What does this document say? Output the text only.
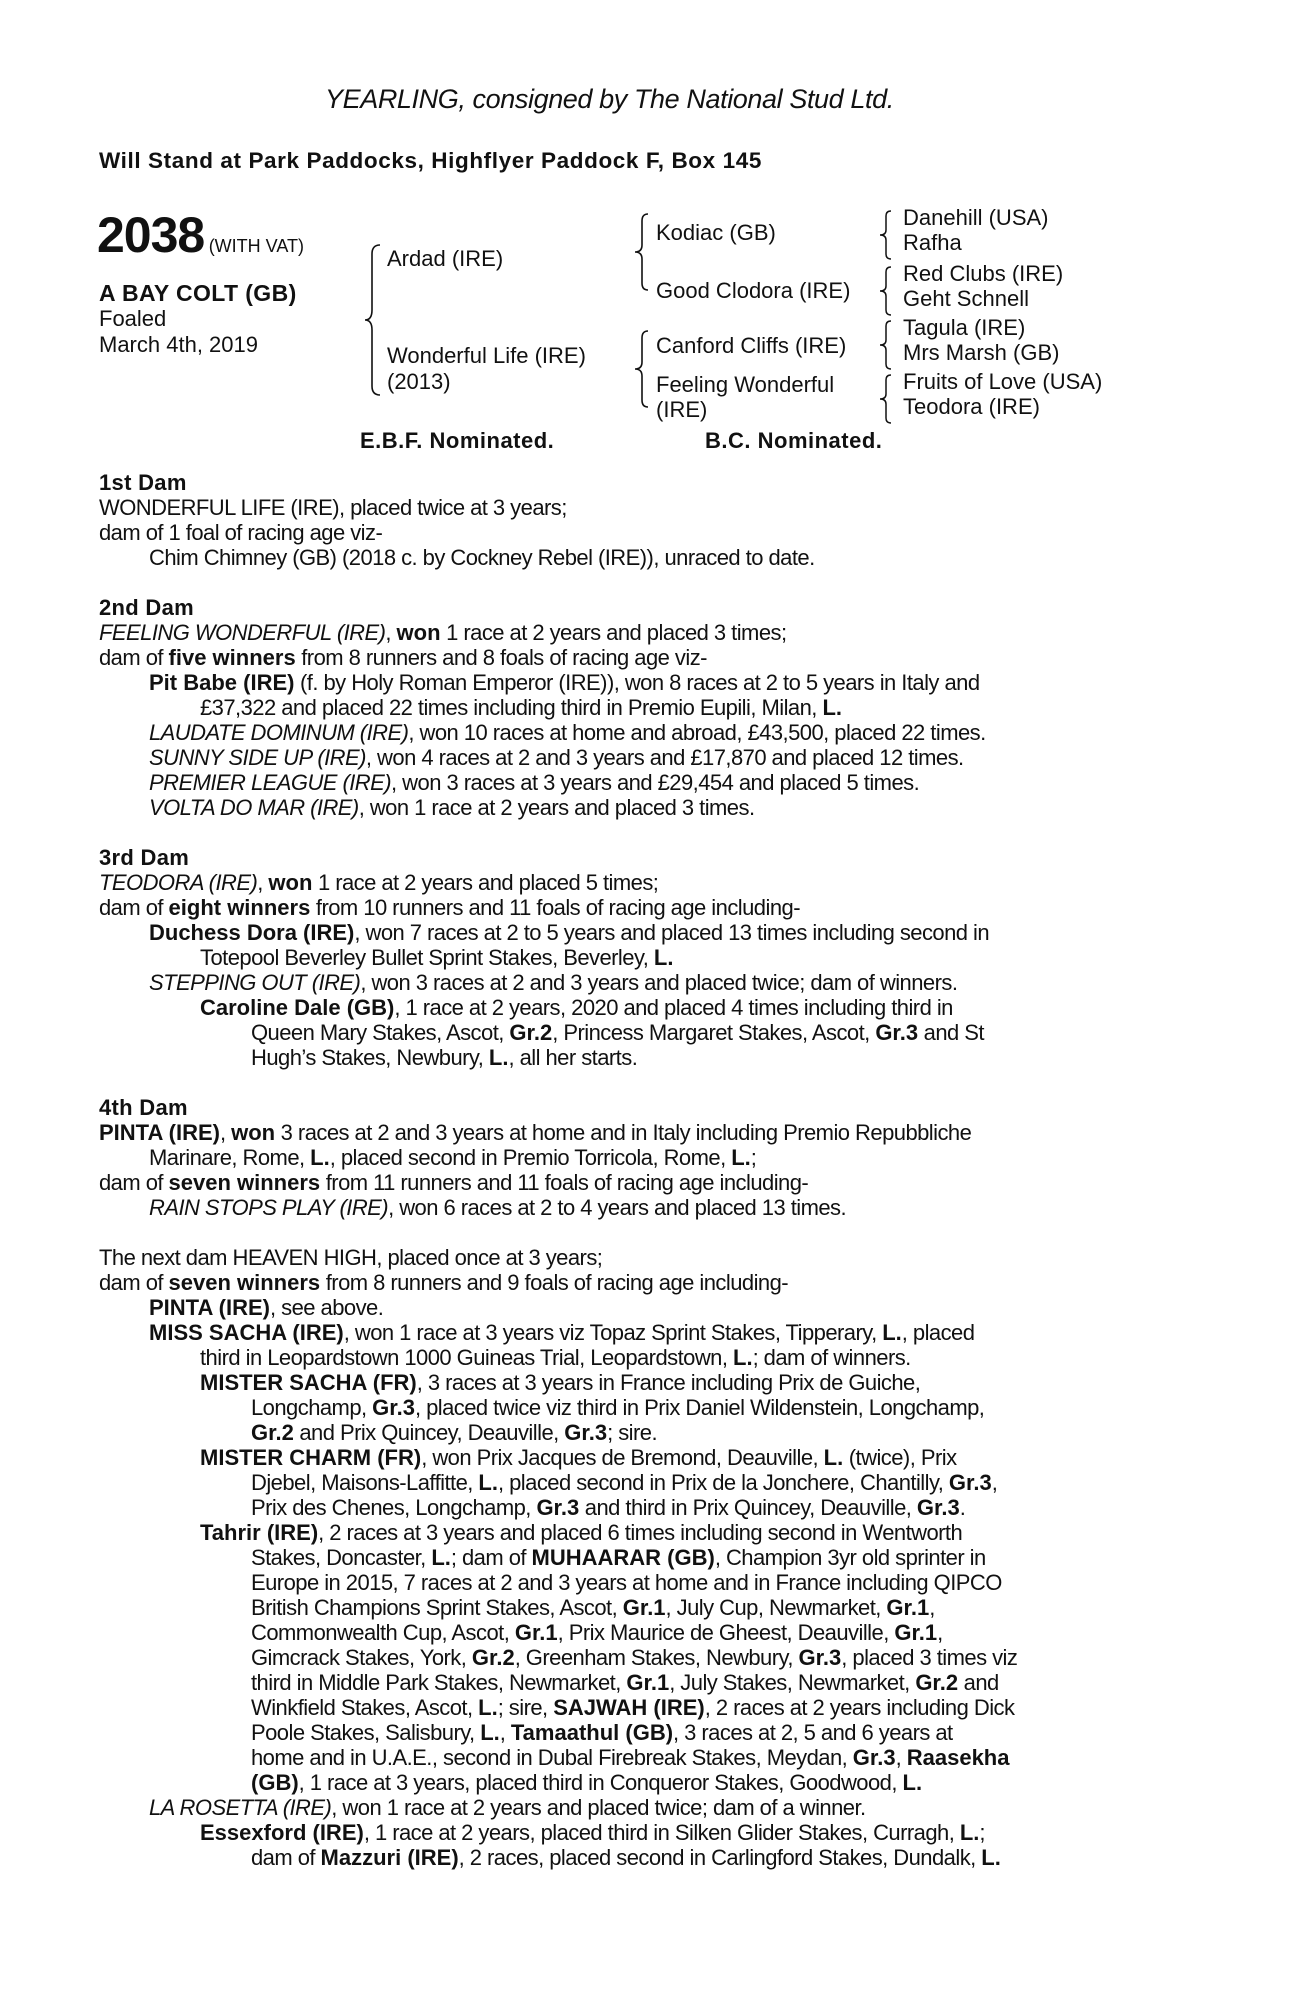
YEARLING, consigned by The National Stud Ltd.
Will Stand at Park Paddocks, Highflyer Paddock F, Box 145
2038 (WITH VAT)
A BAY COLT (GB)
Foaled
March 4th, 2019
Ardad (IRE)
Wonderful Life (IRE)
(2013)
E.B.F. Nominated.
Kodiac (GB)
Good Clodora (IRE)
Canford Cliffs (IRE)
Feeling Wonderful
(IRE)
B.C. Nominated.
Danehill (USA)
Rafha
Red Clubs (IRE)
Geht Schnell
Tagula (IRE)
Mrs Marsh (GB)
Fruits of Love (USA)
Teodora (IRE)
1st Dam
WONDERFUL LIFE (IRE), placed twice at 3 years;
dam of 1 foal of racing age viz-
Chim Chimney (GB) (2018 c. by Cockney Rebel (IRE)), unraced to date.
2nd Dam
FEELING WONDERFUL (IRE), won 1 race at 2 years and placed 3 times;
dam of five winners from 8 runners and 8 foals of racing age viz-
Pit Babe (IRE) (f. by Holy Roman Emperor (IRE)), won 8 races at 2 to 5 years in Italy and
£37,322 and placed 22 times including third in Premio Eupili, Milan, L.
LAUDATE DOMINUM (IRE), won 10 races at home and abroad, £43,500, placed 22 times.
SUNNY SIDE UP (IRE), won 4 races at 2 and 3 years and £17,870 and placed 12 times.
PREMIER LEAGUE (IRE), won 3 races at 3 years and £29,454 and placed 5 times.
VOLTA DO MAR (IRE), won 1 race at 2 years and placed 3 times.
3rd Dam
TEODORA (IRE), won 1 race at 2 years and placed 5 times;
dam of eight winners from 10 runners and 11 foals of racing age including-
Duchess Dora (IRE), won 7 races at 2 to 5 years and placed 13 times including second in
Totepool Beverley Bullet Sprint Stakes, Beverley, L.
STEPPING OUT (IRE), won 3 races at 2 and 3 years and placed twice; dam of winners.
Caroline Dale (GB), 1 race at 2 years, 2020 and placed 4 times including third in
Queen Mary Stakes, Ascot, Gr.2, Princess Margaret Stakes, Ascot, Gr.3 and St
Hugh’s Stakes, Newbury, L., all her starts.
4th Dam
PINTA (IRE), won 3 races at 2 and 3 years at home and in Italy including Premio Repubbliche
Marinare, Rome, L., placed second in Premio Torricola, Rome, L.;
dam of seven winners from 11 runners and 11 foals of racing age including-
RAIN STOPS PLAY (IRE), won 6 races at 2 to 4 years and placed 13 times.
The next dam HEAVEN HIGH, placed once at 3 years;
dam of seven winners from 8 runners and 9 foals of racing age including-
PINTA (IRE), see above.
MISS SACHA (IRE), won 1 race at 3 years viz Topaz Sprint Stakes, Tipperary, L., placed
third in Leopardstown 1000 Guineas Trial, Leopardstown, L.; dam of winners.
MISTER SACHA (FR), 3 races at 3 years in France including Prix de Guiche,
Longchamp, Gr.3, placed twice viz third in Prix Daniel Wildenstein, Longchamp,
Gr.2 and Prix Quincey, Deauville, Gr.3; sire.
MISTER CHARM (FR), won Prix Jacques de Bremond, Deauville, L. (twice), Prix
Djebel, Maisons-Laffitte, L., placed second in Prix de la Jonchere, Chantilly, Gr.3,
Prix des Chenes, Longchamp, Gr.3 and third in Prix Quincey, Deauville, Gr.3.
Tahrir (IRE), 2 races at 3 years and placed 6 times including second in Wentworth
Stakes, Doncaster, L.; dam of MUHAARAR (GB), Champion 3yr old sprinter in
Europe in 2015, 7 races at 2 and 3 years at home and in France including QIPCO
British Champions Sprint Stakes, Ascot, Gr.1, July Cup, Newmarket, Gr.1,
Commonwealth Cup, Ascot, Gr.1, Prix Maurice de Gheest, Deauville, Gr.1,
Gimcrack Stakes, York, Gr.2, Greenham Stakes, Newbury, Gr.3, placed 3 times viz
third in Middle Park Stakes, Newmarket, Gr.1, July Stakes, Newmarket, Gr.2 and
Winkfield Stakes, Ascot, L.; sire, SAJWAH (IRE), 2 races at 2 years including Dick
Poole Stakes, Salisbury, L., Tamaathul (GB), 3 races at 2, 5 and 6 years at
home and in U.A.E., second in Dubal Firebreak Stakes, Meydan, Gr.3, Raasekha
(GB), 1 race at 3 years, placed third in Conqueror Stakes, Goodwood, L.
LA ROSETTA (IRE), won 1 race at 2 years and placed twice; dam of a winner.
Essexford (IRE), 1 race at 2 years, placed third in Silken Glider Stakes, Curragh, L.;
dam of Mazzuri (IRE), 2 races, placed second in Carlingford Stakes, Dundalk, L.
